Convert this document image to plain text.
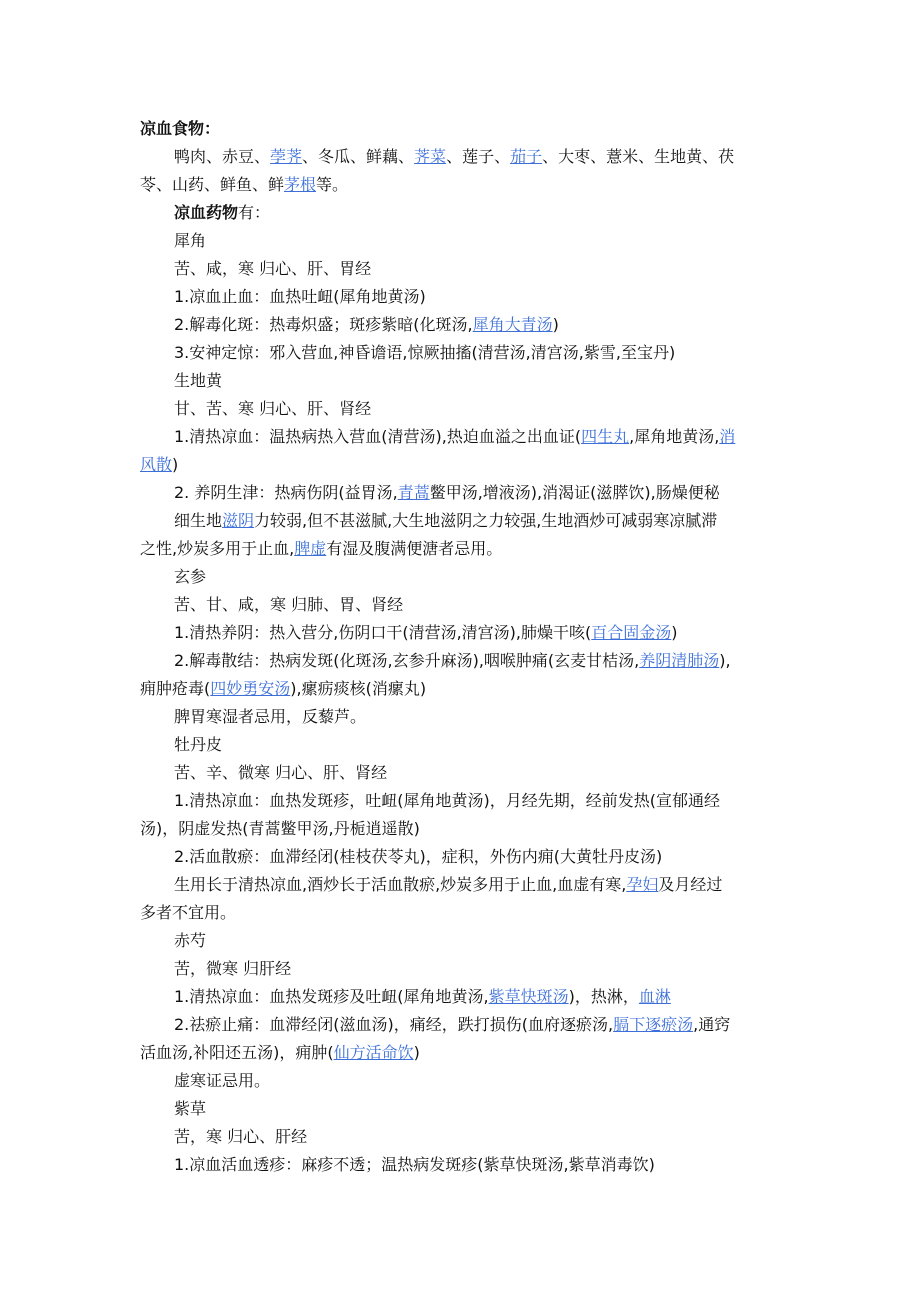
凉血食物：
鸭肉、赤豆、荸荠、冬瓜、鲜藕、荠菜、莲子、茄子、大枣、薏米、生地黄、茯
苓、山药、鲜鱼、鲜茅根等。
凉血药物有：
犀角
苦、咸，寒 归心、肝、胃经
1.凉血止血：血热吐衄(犀角地黄汤)
2.解毒化斑：热毒炽盛；斑疹紫暗(化斑汤,犀角大青汤)
3.安神定惊：邪入营血,神昏谵语,惊厥抽搐(清营汤,清宫汤,紫雪,至宝丹)
生地黄
甘、苦、寒 归心、肝、肾经
1.清热凉血：温热病热入营血(清营汤),热迫血溢之出血证(四生丸,犀角地黄汤,消
风散)
2. 养阴生津：热病伤阴(益胃汤,青蒿鳖甲汤,增液汤),消渴证(滋膵饮),肠燥便秘
细生地滋阴力较弱,但不甚滋腻,大生地滋阴之力较强,生地酒炒可减弱寒凉腻滞
之性,炒炭多用于止血,脾虚有湿及腹满便溏者忌用。
玄参
苦、甘、咸，寒 归肺、胃、肾经
1.清热养阴：热入营分,伤阴口干(清营汤,清宫汤),肺燥干咳(百合固金汤)
2.解毒散结：热病发斑(化斑汤,玄参升麻汤),咽喉肿痛(玄麦甘桔汤,养阴清肺汤),
痈肿疮毒(四妙勇安汤),瘰疬痰核(消瘰丸)
脾胃寒湿者忌用，反藜芦。
牡丹皮
苦、辛、微寒 归心、肝、肾经
1.清热凉血：血热发斑疹，吐衄(犀角地黄汤)，月经先期，经前发热(宣郁通经
汤)，阴虚发热(青蒿鳖甲汤,丹栀逍遥散)
2.活血散瘀：血滞经闭(桂枝茯苓丸)，症积，外伤内痈(大黄牡丹皮汤)
生用长于清热凉血,酒炒长于活血散瘀,炒炭多用于止血,血虚有寒,孕妇及月经过
多者不宜用。
赤芍
苦，微寒 归肝经
1.清热凉血：血热发斑疹及吐衄(犀角地黄汤,紫草快斑汤)，热淋，血淋
2.祛瘀止痛：血滞经闭(滋血汤)，痛经，跌打损伤(血府逐瘀汤,膈下逐瘀汤,通窍
活血汤,补阳还五汤)，痈肿(仙方活命饮)
虚寒证忌用。
紫草
苦，寒 归心、肝经
1.凉血活血透疹：麻疹不透；温热病发斑疹(紫草快斑汤,紫草消毒饮)
